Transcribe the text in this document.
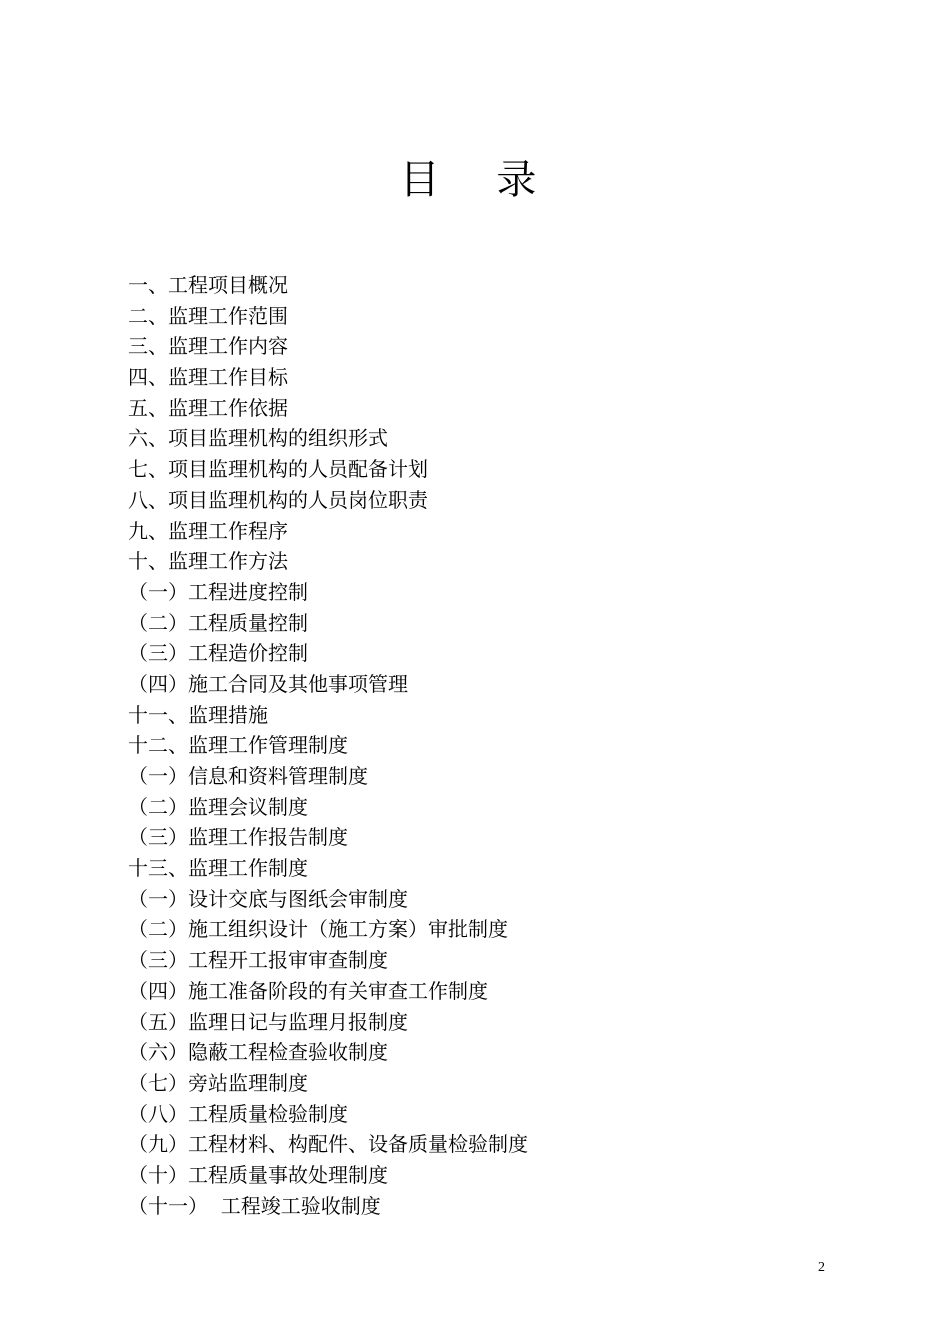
目 录
一、工程项目概况
二、监理工作范围
三、监理工作内容
四、监理工作目标
五、监理工作依据
六、项目监理机构的组织形式
七、项目监理机构的人员配备计划
八、项目监理机构的人员岗位职责
九、监理工作程序
十、监理工作方法
（一）工程进度控制
（二）工程质量控制
（三）工程造价控制
（四）施工合同及其他事项管理
十一、监理措施
十二、监理工作管理制度
（一）信息和资料管理制度
（二）监理会议制度
（三）监理工作报告制度
十三、监理工作制度
（一）设计交底与图纸会审制度
（二）施工组织设计（施工方案）审批制度
（三）工程开工报审审查制度
（四）施工准备阶段的有关审查工作制度
（五）监理日记与监理月报制度
（六）隐蔽工程检查验收制度
（七）旁站监理制度
（八）工程质量检验制度
（九）工程材料、构配件、设备质量检验制度
（十）工程质量事故处理制度
（十一）  工程竣工验收制度
2
